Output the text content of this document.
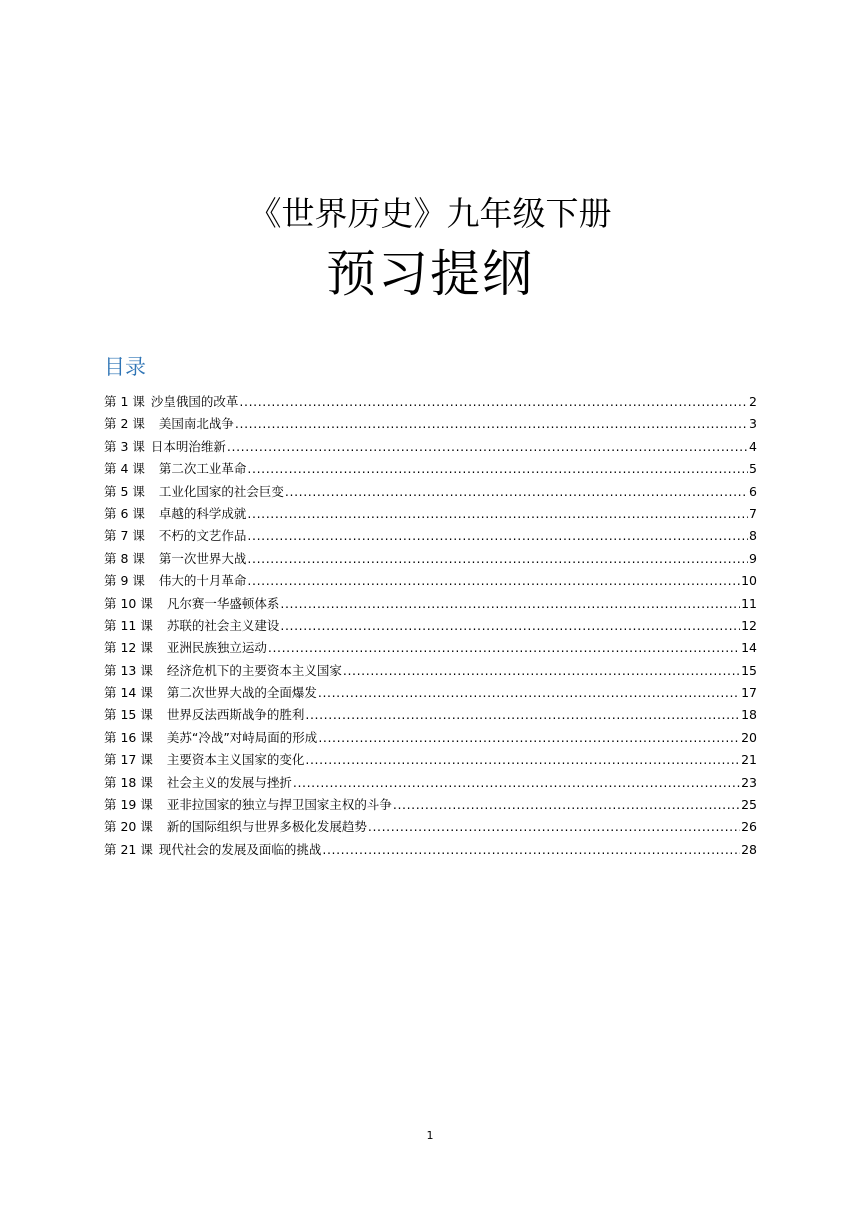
《世界历史》九年级下册
预习提纲
目录
第 1 课 沙皇俄国的改革 .....	2
第 2 课 美国南北战争 .....	3
第 3 课 日本明治维新 .....	4
第 4 课 第二次工业革命 .....	5
第 5 课 工业化国家的社会巨变 .....	6
第 6 课 卓越的科学成就 .....	7
第 7 课 不朽的文艺作品 .....	8
第 8 课 第一次世界大战 .....	9
第 9 课 伟大的十月革命 .....	10
第 10 课 凡尔赛一华盛顿体系 .....	11
第 11 课 苏联的社会主义建设 .....	12
第 12 课 亚洲民族独立运动 .....	14
第 13 课 经济危机下的主要资本主义国家 .....	15
第 14 课 第二次世界大战的全面爆发 .....	17
第 15 课 世界反法西斯战争的胜利 .....	18
第 16 课 美苏“冷战”对峙局面的形成 .....	20
第 17 课 主要资本主义国家的变化 .....	21
第 18 课 社会主义的发展与挫折 .....	23
第 19 课 亚非拉国家的独立与捍卫国家主权的斗争 .....	25
第 20 课 新的国际组织与世界多极化发展趋势 .....	26
第 21 课 现代社会的发展及面临的挑战 .....	28
1
